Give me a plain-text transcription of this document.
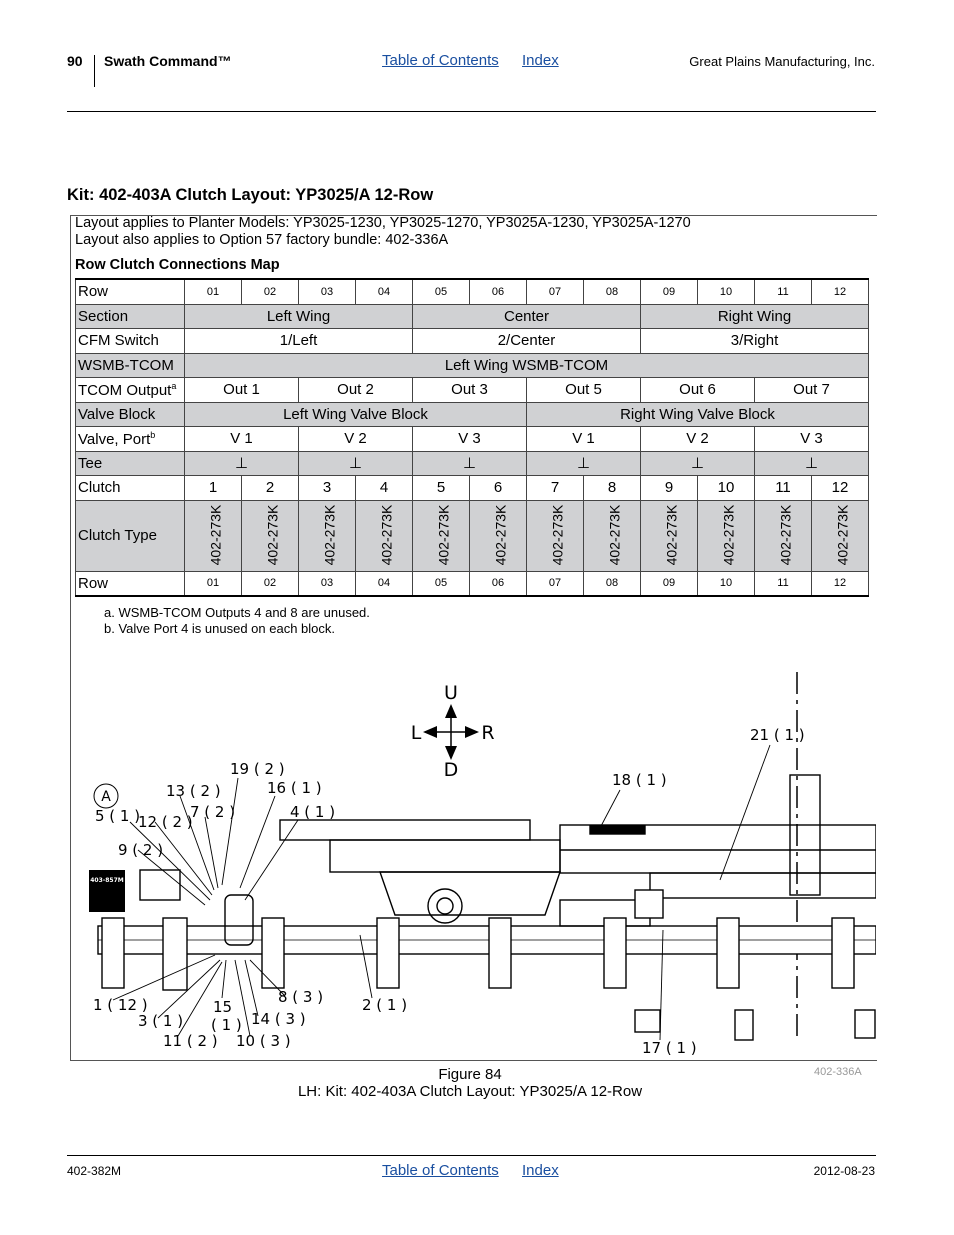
90 Swath Command™	Table of Contents Index	Great Plains Manufacturing, Inc.
Kit: 402-403A Clutch Layout: YP3025/A 12-Row
Layout applies to Planter Models: YP3025-1230, YP3025-1270, YP3025A-1230, YP3025A-1270
Layout also applies to Option 57 factory bundle: 402-336A
Row Clutch Connections Map
Row	01	02	03	04	05	06	07	08	09	10	11	12
Section	Left Wing				Center				Right Wing			
CFM Switch	1/Left				2/Center				3/Right			
WSMB-TCOM	Left Wing WSMB-TCOM											
TCOM Output$^a$	Out 1		Out 2		Out 3		Out 5		Out 6		Out 7	
Valve Block	Left Wing Valve Block						Right Wing Valve Block					
Valve, Port$^b$	V 1		V 2		V 3		V 1		V 2		V 3	
Tee	⊥		⊥		⊥		⊥		⊥		⊥	
Clutch	1	2	3	4	5	6	7	8	9	10	11	12
Clutch Type	402-273K	402-273K	402-273K	402-273K	402-273K	402-273K	402-273K	402-273K	402-273K	402-273K	402-273K	402-273K
Row	01	02	03	04	05	06	07	08	09	10	11	12
a. WSMB-TCOM Outputs 4 and 8 are unused.
b. Valve Port 4 is unused on each block.
U
D
L	R
403-857M
A
1 ( 12 )	2 ( 1 )
3 ( 1 )
4 ( 1 )
5 ( 1 )	7 ( 2 )
8 ( 3 )
9 ( 2 )
10 ( 3 )
11 ( 2 )
12 ( 2 )
13 ( 2 )
14 ( 3 )
15
( 1 )
16 ( 1 )
17 ( 1 )
18 ( 1 )
19 ( 2 )
21 ( 1 )
Figure 84
LH: Kit: 402-403A Clutch Layout: YP3025/A 12-Row
402-336A
402-382M	Table of Contents Index	2012-08-23
